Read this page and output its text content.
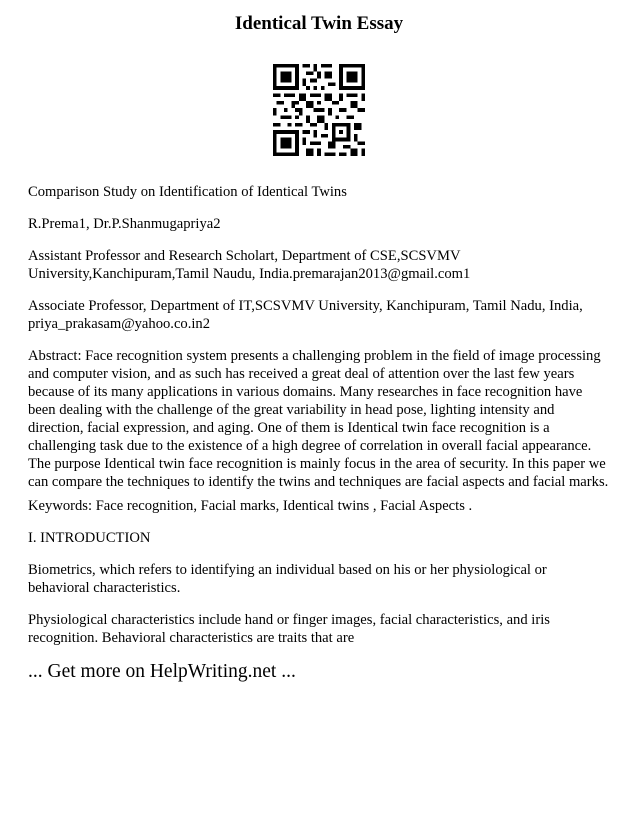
Identical Twin Essay

Comparison Study on Identification of Identical Twins

R.Prema1, Dr.P.Shanmugapriya2

Assistant Professor and Research Scholart, Department of CSE,SCSVMV University,Kanchipuram,Tamil Naudu, India.premarajan2013@gmail.com1

Associate Professor, Department of IT,SCSVMV University, Kanchipuram, Tamil Nadu, India, priya_prakasam@yahoo.co.in2

Abstract: Face recognition system presents a challenging problem in the field of image processing and computer vision, and as such has received a great deal of attention over the last few years because of its many applications in various domains. Many researches in face recognition have been dealing with the challenge of the great variability in head pose, lighting intensity and direction, facial expression, and aging. One of them is Identical twin face recognition is a challenging task due to the existence of a high degree of correlation in overall facial appearance. The purpose Identical twin face recognition is mainly focus in the area of security. In this paper we can compare the techniques to identify the twins and techniques are facial aspects and facial marks.

Keywords: Face recognition, Facial marks, Identical twins , Facial Aspects .

I. INTRODUCTION

Biometrics, which refers to identifying an individual based on his or her physiological or behavioral characteristics.

Physiological characteristics include hand or finger images, facial characteristics, and iris recognition. Behavioral characteristics are traits that are

... Get more on HelpWriting.net ...
